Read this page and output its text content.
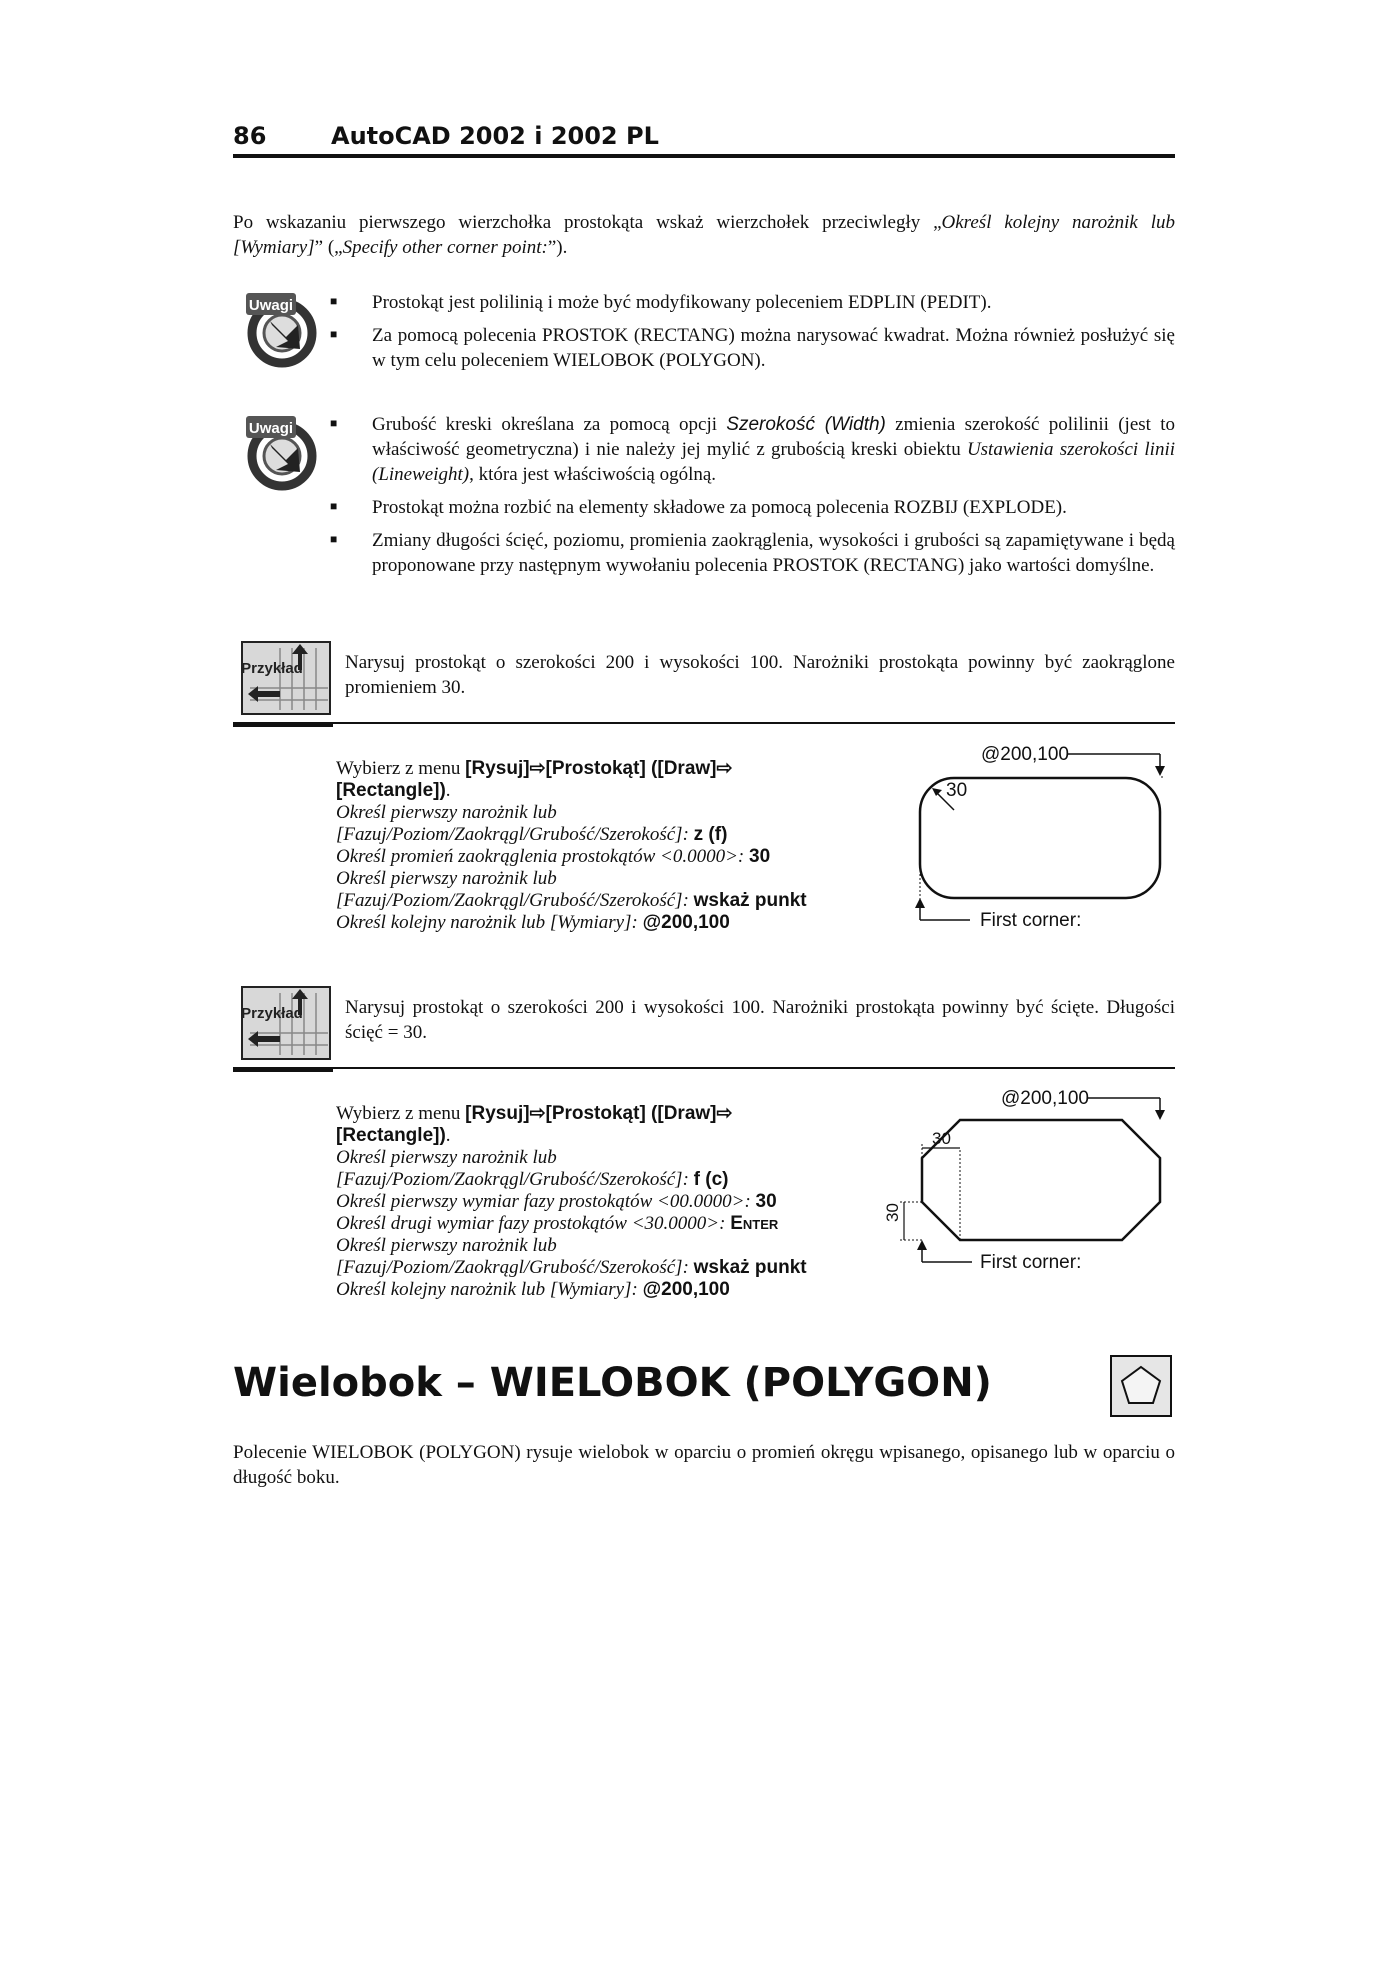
86	AutoCAD 2002 i 2002 PL
Po wskazaniu pierwszego wierzchołka prostokąta wskaż wierzchołek przeciwległy „Określ kolejny narożnik lub [Wymiary]” („Specify other corner point:”).
Uwagi	■ Prostokąt jest polilinią i może być modyfikowany poleceniem EDPLIN (PEDIT).
■ Za pomocą polecenia PROSTOK (RECTANG) można narysować kwadrat. Można również posłużyć się w tym celu poleceniem WIELOBOK (POLYGON).
Uwagi	■ Grubość kreski określana za pomocą opcji Szerokość (Width) zmienia szerokość polilinii (jest to właściwość geometryczna) i nie należy jej mylić z grubością kreski obiektu Ustawienia szerokości linii (Lineweight), która jest właściwością ogólną.
■ Prostokąt można rozbić na elementy składowe za pomocą polecenia ROZBIJ (EXPLODE).
■ Zmiany długości ścięć, poziomu, promienia zaokrąglenia, wysokości i grubości są zapamiętywane i będą proponowane przy następnym wywołaniu polecenia PROSTOK (RECTANG) jako wartości domyślne.
Przykład Narysuj prostokąt o szerokości 200 i wysokości 100. Narożniki prostokąta powinny być zaokrąglone promieniem 30.
Wybierz z menu [Rysuj]⇨[Prostokąt] ([Draw]⇨
[Rectangle]).
Określ pierwszy narożnik lub
[Fazuj/Poziom/Zaokrągl/Grubość/Szerokość]: z (f)
Określ promień zaokrąglenia prostokątów <0.0000>: 30
Określ pierwszy narożnik lub
[Fazuj/Poziom/Zaokrągl/Grubość/Szerokość]: wskaż punkt
Określ kolejny narożnik lub [Wymiary]: @200,100
@200,100
30
First corner:
Przykład Narysuj prostokąt o szerokości 200 i wysokości 100. Narożniki prostokąta powinny być ścięte. Długości ścięć = 30.
Wybierz z menu [Rysuj]⇨[Prostokąt] ([Draw]⇨
[Rectangle]).
Określ pierwszy narożnik lub
[Fazuj/Poziom/Zaokrągl/Grubość/Szerokość]: f (c)
Określ pierwszy wymiar fazy prostokątów <00.0000>: 30
Określ drugi wymiar fazy prostokątów <30.0000>: Enter
Określ pierwszy narożnik lub
[Fazuj/Poziom/Zaokrągl/Grubość/Szerokość]: wskaż punkt
Określ kolejny narożnik lub [Wymiary]: @200,100
@200,100
30
30
First corner:
Wielobok – WIELOBOK (POLYGON)
Polecenie WIELOBOK (POLYGON) rysuje wielobok w oparciu o promień okręgu wpisanego, opisanego lub w oparciu o długość boku.
